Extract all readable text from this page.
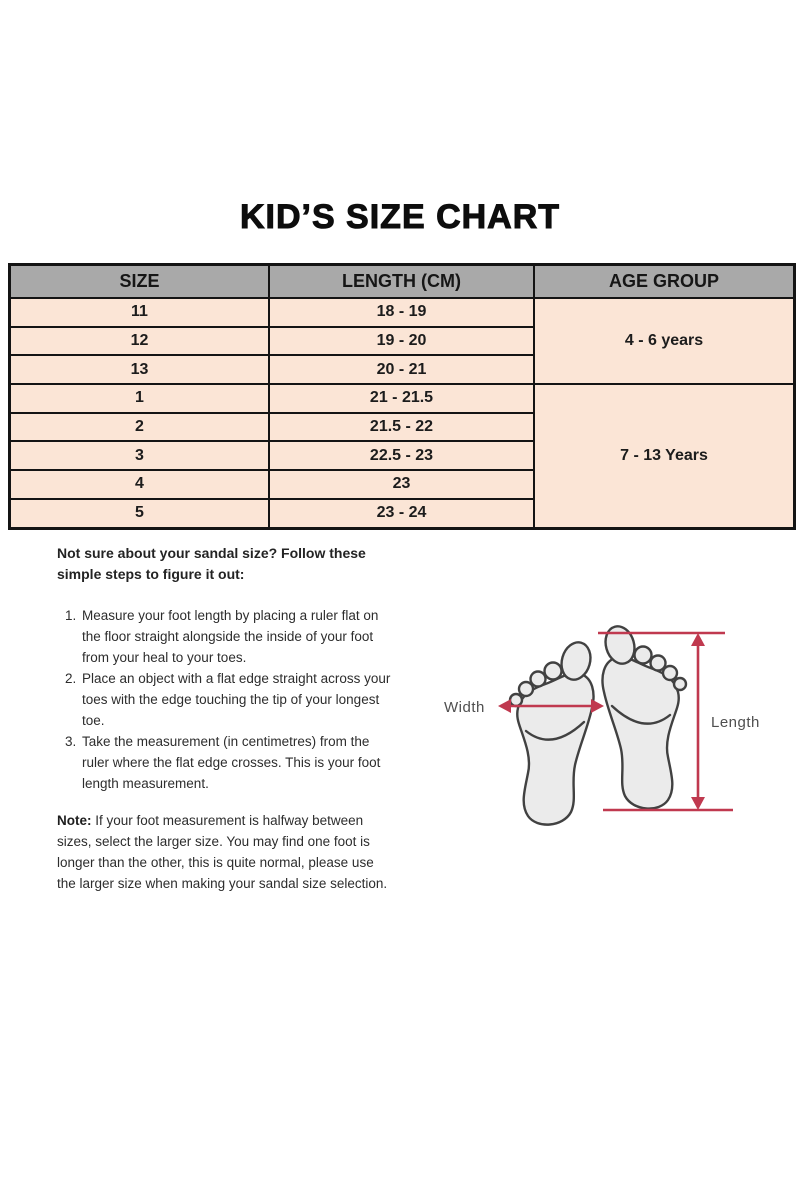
KID’S SIZE CHART
SIZE	LENGTH (CM)	AGE GROUP
11	18 - 19	4 - 6 years
12	19 - 20	
13	20 - 21	
1	21 - 21.5	7 - 13 Years
2	21.5 - 22	
3	22.5 - 23	
4	23	
5	23 - 24	

Not sure about your sandal size? Follow these simple steps to figure it out:

1. Measure your foot length by placing a ruler flat on the floor straight alongside the inside of your foot from your heal to your toes.
2. Place an object with a flat edge straight across your toes with the edge touching the tip of your longest toe.
3. Take the measurement (in centimetres) from the ruler where the flat edge crosses. This is your foot length measurement.

Note: If your foot measurement is halfway between sizes, select the larger size. You may find one foot is longer than the other, this is quite normal, please use the larger size when making your sandal size selection.

Width
Length
